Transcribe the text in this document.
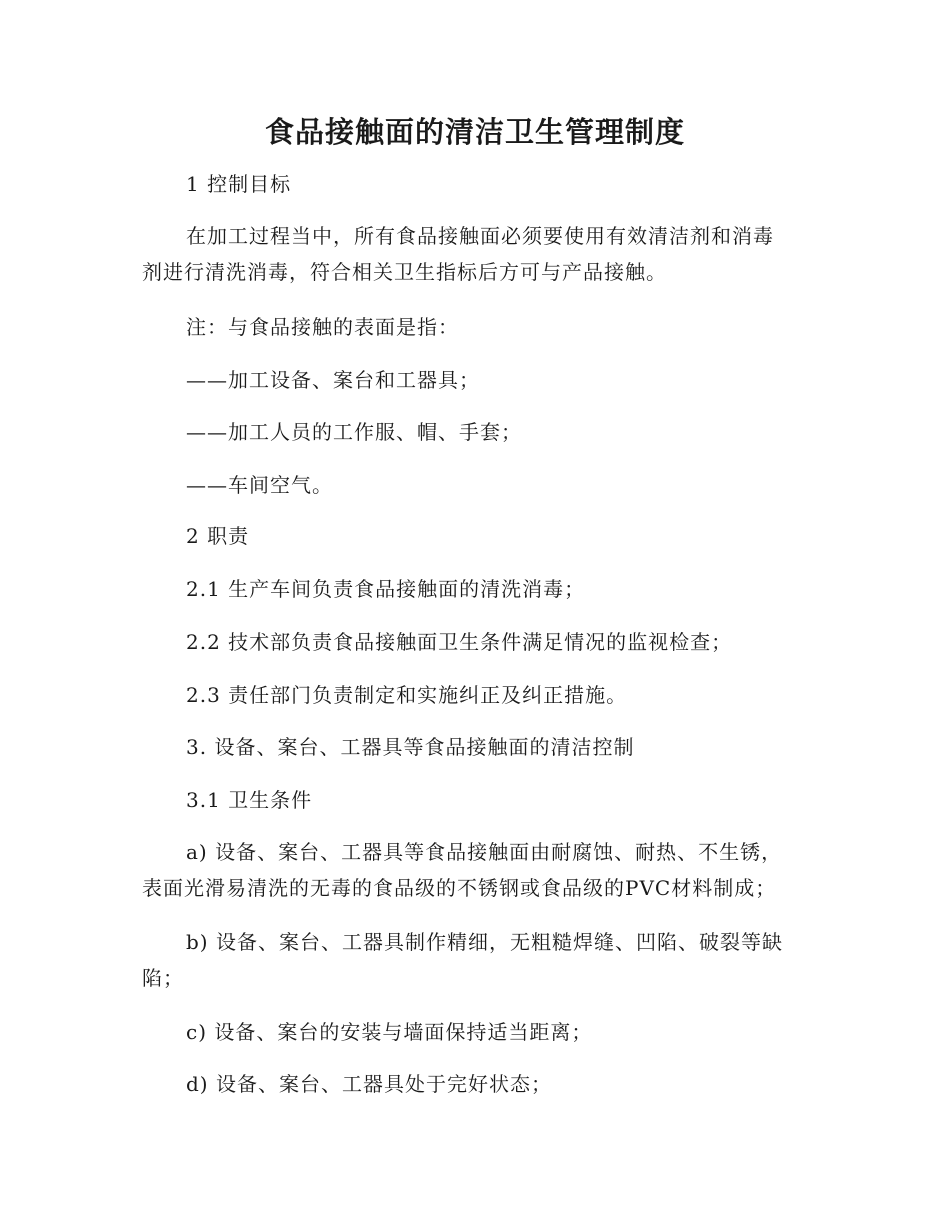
食品接触面的清洁卫生管理制度
1 控制目标
在加工过程当中，所有食品接触面必须要使用有效清洁剂和消毒
剂进行清洗消毒，符合相关卫生指标后方可与产品接触。
注：与食品接触的表面是指：
——加工设备、案台和工器具；
——加工人员的工作服、帽、手套；
——车间空气。
2 职责
2.1 生产车间负责食品接触面的清洗消毒；
2.2 技术部负责食品接触面卫生条件满足情况的监视检查；
2.3 责任部门负责制定和实施纠正及纠正措施。
3. 设备、案台、工器具等食品接触面的清洁控制
3.1 卫生条件
a) 设备、案台、工器具等食品接触面由耐腐蚀、耐热、不生锈，
表面光滑易清洗的无毒的食品级的不锈钢或食品级的PVC材料制成；
b) 设备、案台、工器具制作精细，无粗糙焊缝、凹陷、破裂等缺
陷；
c) 设备、案台的安装与墙面保持适当距离；
d) 设备、案台、工器具处于完好状态；
